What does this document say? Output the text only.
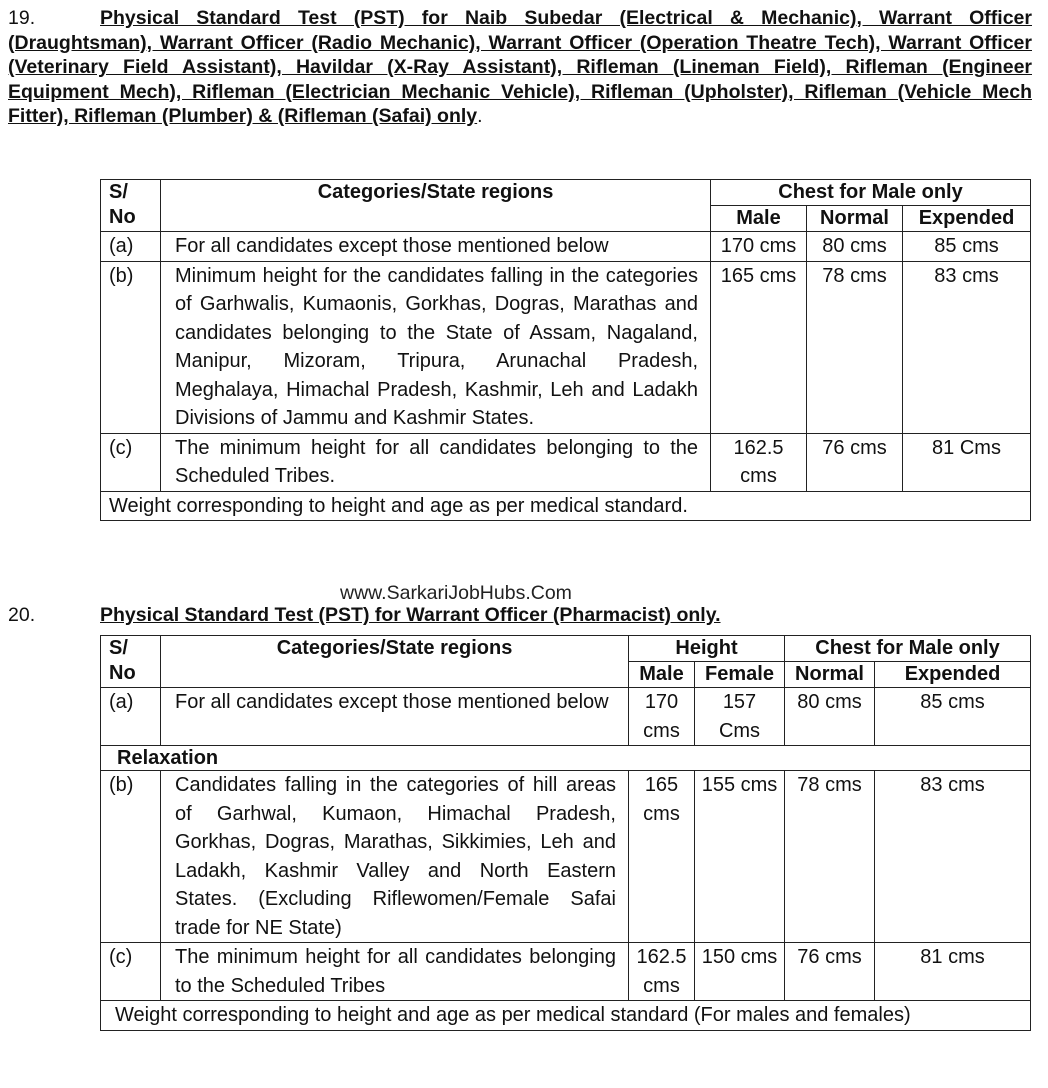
19.	Physical Standard Test (PST) for Naib Subedar (Electrical & Mechanic), Warrant Officer (Draughtsman), Warrant Officer (Radio Mechanic), Warrant Officer (Operation Theatre Tech), Warrant Officer (Veterinary Field Assistant), Havildar (X-Ray Assistant), Rifleman (Lineman Field), Rifleman (Engineer Equipment Mech), Rifleman (Electrician Mechanic Vehicle), Rifleman (Upholster), Rifleman (Vehicle Mech Fitter), Rifleman (Plumber) & (Rifleman (Safai) only.
S/ No	Categories/State regions	Chest for Male only		
		Male	Normal	Expended
(a)	For all candidates except those mentioned below	170 cms	80 cms	85 cms
(b)	Minimum height for the candidates falling in the categories of Garhwalis, Kumaonis, Gorkhas, Dogras, Marathas and candidates belonging to the State of Assam, Nagaland, Manipur, Mizoram, Tripura, Arunachal Pradesh, Meghalaya, Himachal Pradesh, Kashmir, Leh and Ladakh Divisions of Jammu and Kashmir States.	165 cms	78 cms	83 cms
(c)	The minimum height for all candidates belonging to the Scheduled Tribes.	162.5 cms	76 cms	81 Cms
Weight corresponding to height and age as per medical standard.				
www.SarkariJobHubs.Com
20.	Physical Standard Test (PST) for Warrant Officer (Pharmacist) only.
S/ No	Categories/State regions	Height		Chest for Male only	
		Male	Female	Normal	Expended
(a)	For all candidates except those mentioned below	170 cms	157 Cms	80 cms	85 cms
Relaxation					
(b)	Candidates falling in the categories of hill areas of Garhwal, Kumaon, Himachal Pradesh, Gorkhas, Dogras, Marathas, Sikkimies, Leh and Ladakh, Kashmir Valley and North Eastern States. (Excluding Riflewomen/Female Safai trade for NE State)	165 cms	155 cms	78 cms	83 cms
(c)	The minimum height for all candidates belonging to the Scheduled Tribes	162.5 cms	150 cms	76 cms	81 cms
Weight corresponding to height and age as per medical standard (For males and females)					
